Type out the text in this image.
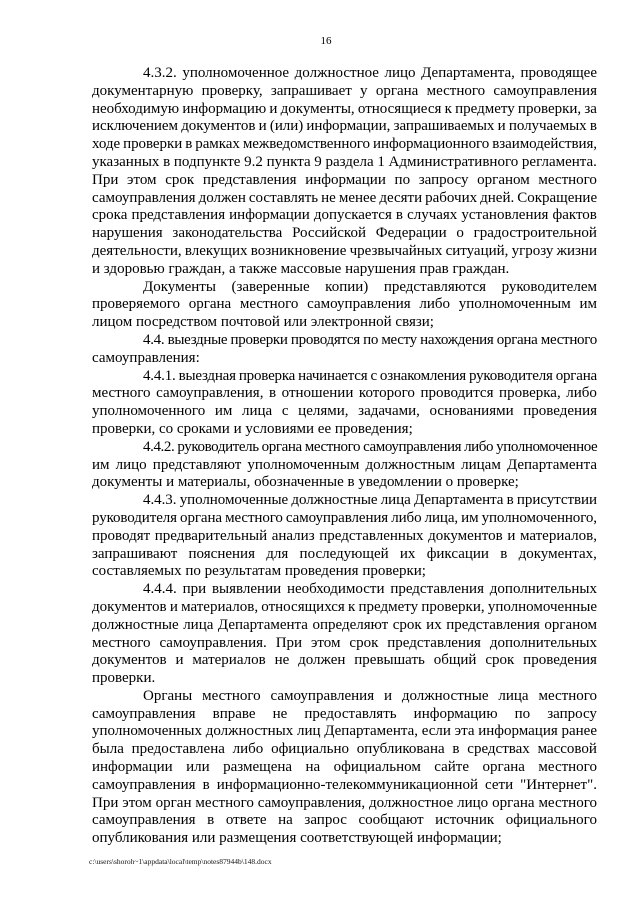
16
4.3.2. уполномоченное должностное лицо Департамента, проводящее
документарную проверку, запрашивает у органа местного самоуправления
необходимую информацию и документы, относящиеся к предмету проверки, за
исключением документов и (или) информации, запрашиваемых и получаемых в
ходе проверки в рамках межведомственного информационного взаимодействия,
указанных в подпункте 9.2 пункта 9 раздела 1 Административного регламента.
При этом срок представления информации по запросу органом местного
самоуправления должен составлять не менее десяти рабочих дней. Сокращение
срока представления информации допускается в случаях установления фактов
нарушения законодательства Российской Федерации о градостроительной
деятельности, влекущих возникновение чрезвычайных ситуаций, угрозу жизни
и здоровью граждан, а также массовые нарушения прав граждан.
Документы (заверенные копии) представляются руководителем
проверяемого органа местного самоуправления либо уполномоченным им
лицом посредством почтовой или электронной связи;
4.4. выездные проверки проводятся по месту нахождения органа местного
самоуправления:
4.4.1. выездная проверка начинается с ознакомления руководителя органа
местного самоуправления, в отношении которого проводится проверка, либо
уполномоченного им лица с целями, задачами, основаниями проведения
проверки, со сроками и условиями ее проведения;
4.4.2. руководитель органа местного самоуправления либо уполномоченное
им лицо представляют уполномоченным должностным лицам Департамента
документы и материалы, обозначенные в уведомлении о проверке;
4.4.3. уполномоченные должностные лица Департамента в присутствии
руководителя органа местного самоуправления либо лица, им уполномоченного,
проводят предварительный анализ представленных документов и материалов,
запрашивают пояснения для последующей их фиксации в документах,
составляемых по результатам проведения проверки;
4.4.4. при выявлении необходимости представления дополнительных
документов и материалов, относящихся к предмету проверки, уполномоченные
должностные лица Департамента определяют срок их представления органом
местного самоуправления. При этом срок представления дополнительных
документов и материалов не должен превышать общий срок проведения
проверки.
Органы местного самоуправления и должностные лица местного
самоуправления вправе не предоставлять информацию по запросу
уполномоченных должностных лиц Департамента, если эта информация ранее
была предоставлена либо официально опубликована в средствах массовой
информации или размещена на официальном сайте органа местного
самоуправления в информационно-телекоммуникационной сети "Интернет".
При этом орган местного самоуправления, должностное лицо органа местного
самоуправления в ответе на запрос сообщают источник официального
опубликования или размещения соответствующей информации;
c:\users\shoroh~1\appdata\local\temp\notes87944b\148.docx
